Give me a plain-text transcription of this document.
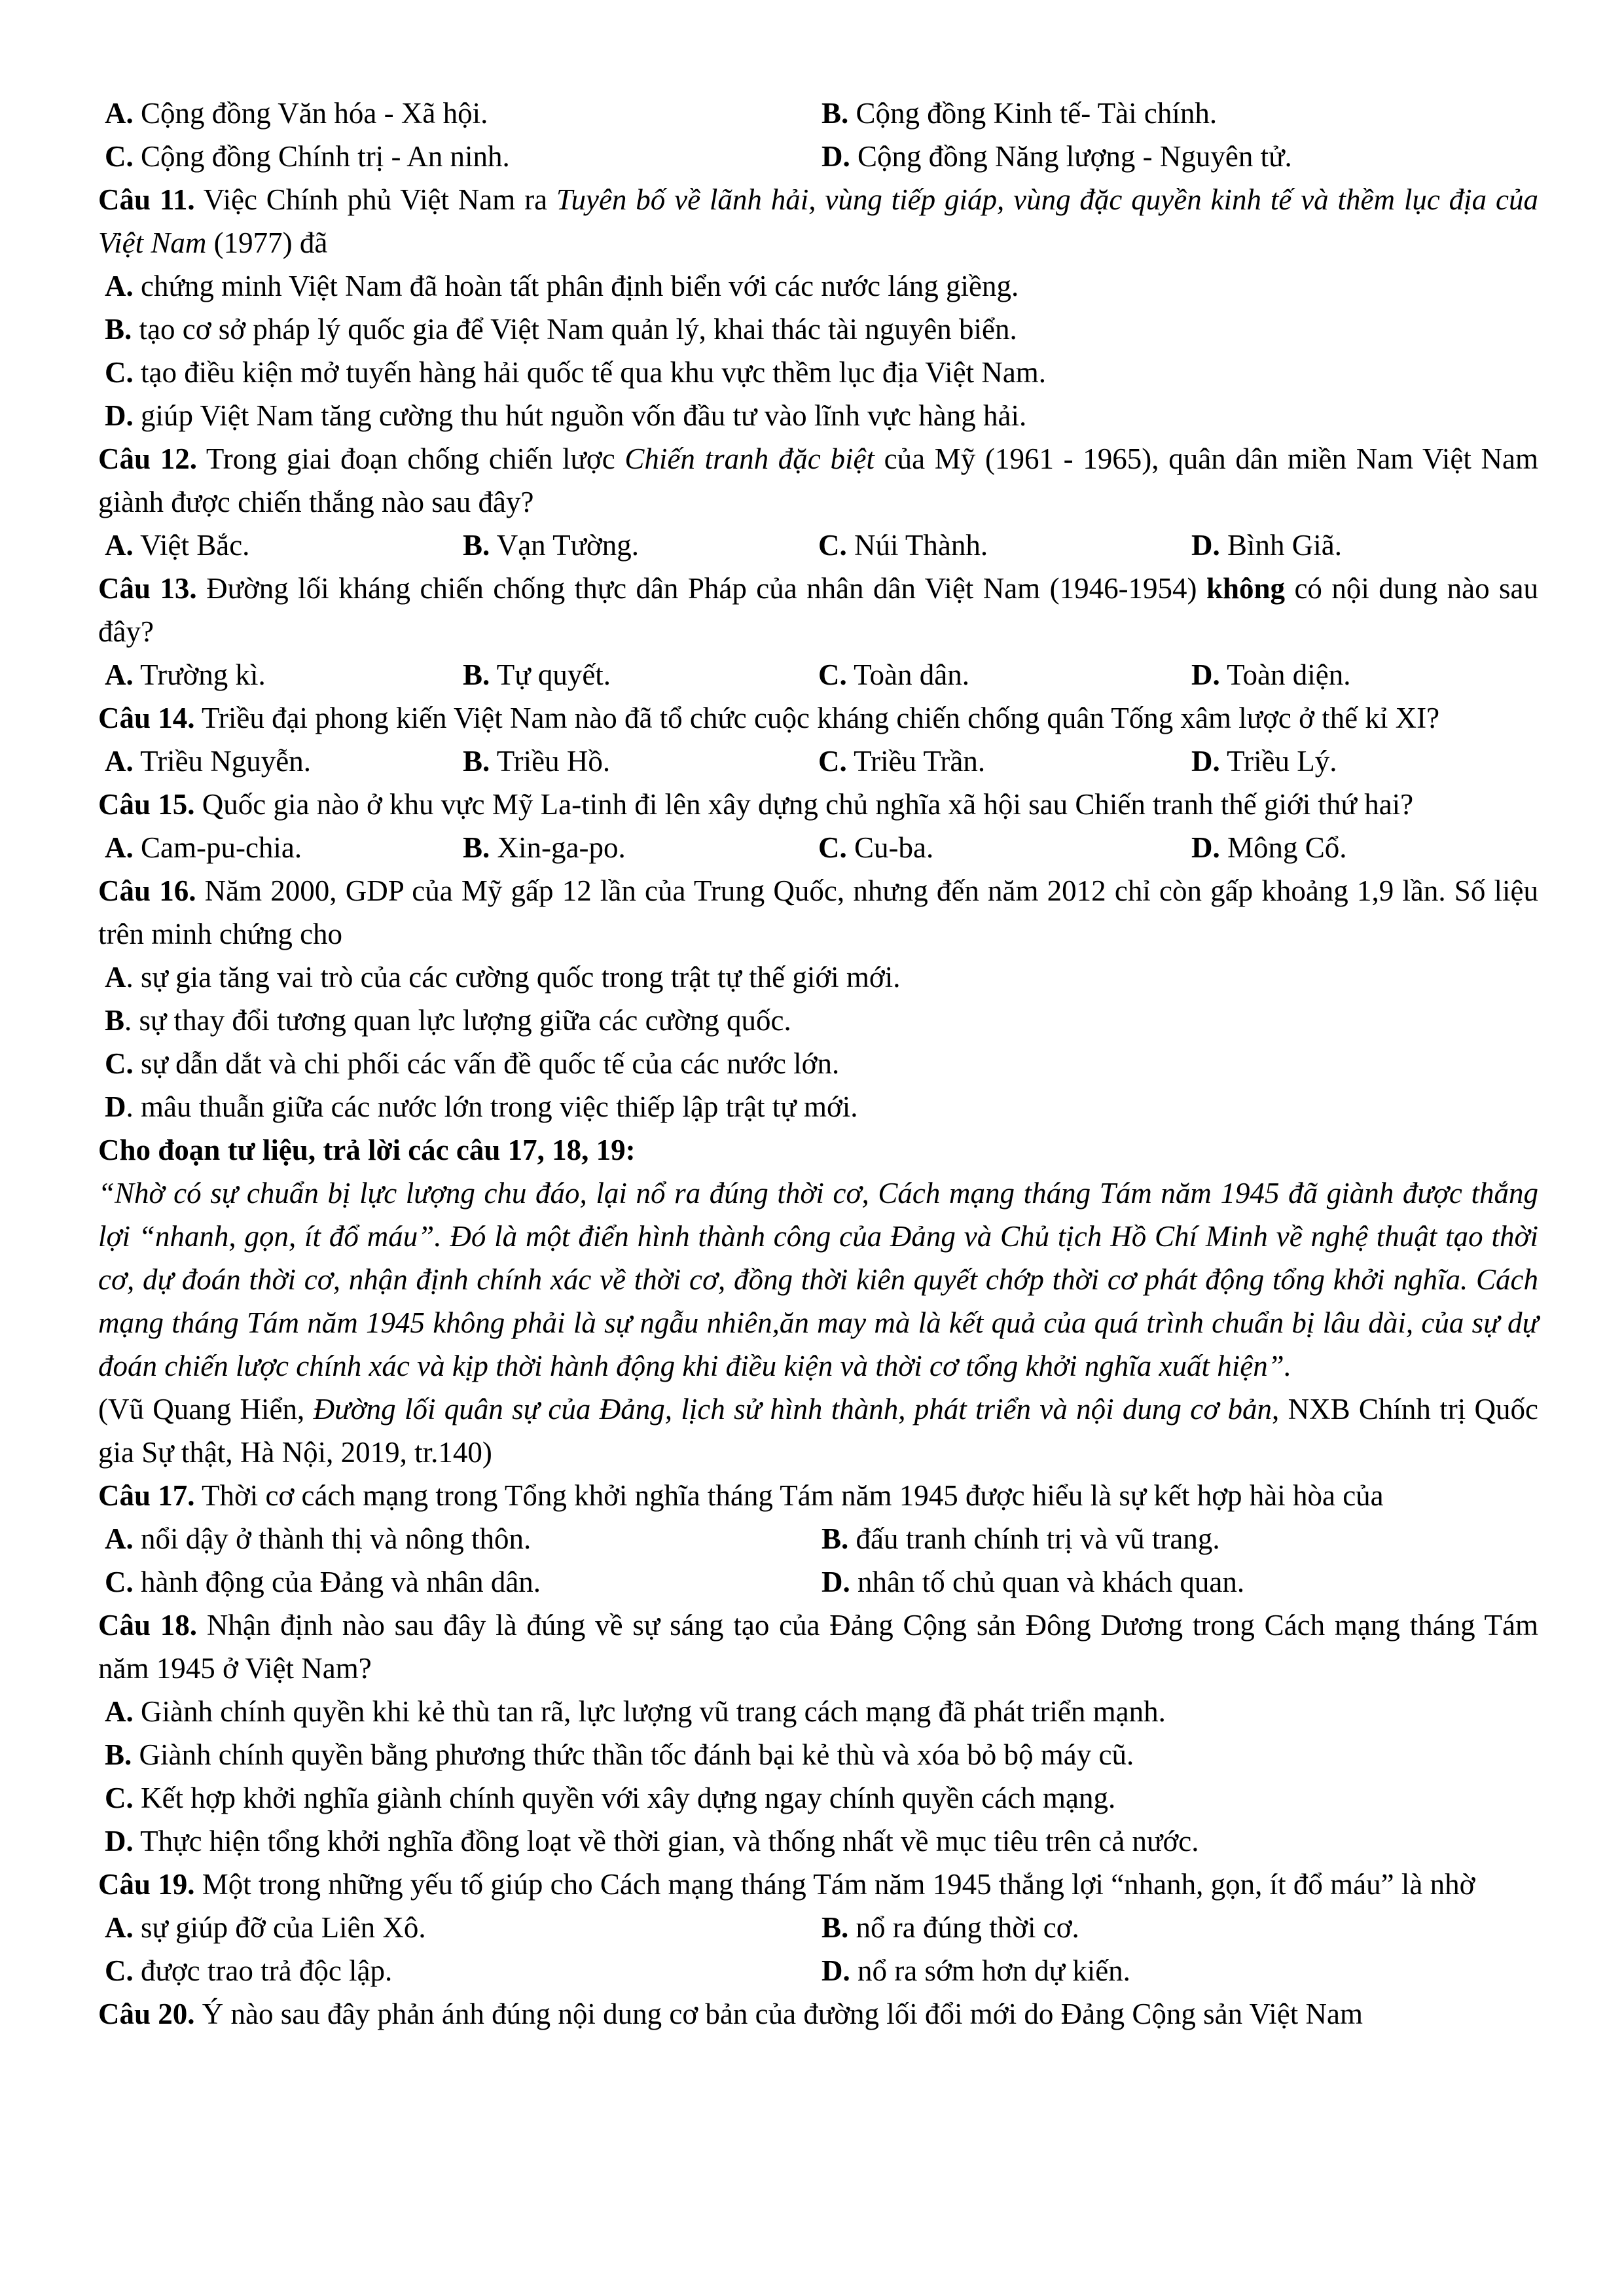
A. Cộng đồng Văn hóa - Xã hội.	B. Cộng đồng Kinh tế- Tài chính.
C. Cộng đồng Chính trị - An ninh.	D. Cộng đồng Năng lượng - Nguyên tử.

Câu 11. Việc Chính phủ Việt Nam ra Tuyên bố về lãnh hải, vùng tiếp giáp, vùng đặc quyền kinh tế và thềm lục địa của Việt Nam (1977) đã

A. chứng minh Việt Nam đã hoàn tất phân định biển với các nước láng giềng.
B. tạo cơ sở pháp lý quốc gia để Việt Nam quản lý, khai thác tài nguyên biển.
C. tạo điều kiện mở tuyến hàng hải quốc tế qua khu vực thềm lục địa Việt Nam.
D. giúp Việt Nam tăng cường thu hút nguồn vốn đầu tư vào lĩnh vực hàng hải.

Câu 12. Trong giai đoạn chống chiến lược Chiến tranh đặc biệt của Mỹ (1961 - 1965), quân dân miền Nam Việt Nam giành được chiến thắng nào sau đây?

A. Việt Bắc.	B. Vạn Tường.	C. Núi Thành.	D. Bình Giã.

Câu 13. Đường lối kháng chiến chống thực dân Pháp của nhân dân Việt Nam (1946-1954) không có nội dung nào sau đây?

A. Trường kì.	B. Tự quyết.	C. Toàn dân.	D. Toàn diện.

Câu 14. Triều đại phong kiến Việt Nam nào đã tổ chức cuộc kháng chiến chống quân Tống xâm lược ở thế kỉ XI?

A. Triều Nguyễn.	B. Triều Hồ.	C. Triều Trần.	D. Triều Lý.

Câu 15. Quốc gia nào ở khu vực Mỹ La-tinh đi lên xây dựng chủ nghĩa xã hội sau Chiến tranh thế giới thứ hai?

A. Cam-pu-chia.	B. Xin-ga-po.	C. Cu-ba.	D. Mông Cổ.

Câu 16. Năm 2000, GDP của Mỹ gấp 12 lần của Trung Quốc, nhưng đến năm 2012 chỉ còn gấp khoảng 1,9 lần. Số liệu trên minh chứng cho

A. sự gia tăng vai trò của các cường quốc trong trật tự thế giới mới.
B. sự thay đổi tương quan lực lượng giữa các cường quốc.
C. sự dẫn dắt và chi phối các vấn đề quốc tế của các nước lớn.
D. mâu thuẫn giữa các nước lớn trong việc thiếp lập trật tự mới.

Cho đoạn tư liệu, trả lời các câu 17, 18, 19:

“Nhờ có sự chuẩn bị lực lượng chu đáo, lại nổ ra đúng thời cơ, Cách mạng tháng Tám năm 1945 đã giành được thắng lợi “nhanh, gọn, ít đổ máu”. Đó là một điển hình thành công của Đảng và Chủ tịch Hồ Chí Minh về nghệ thuật tạo thời cơ, dự đoán thời cơ, nhận định chính xác về thời cơ, đồng thời kiên quyết chớp thời cơ phát động tổng khởi nghĩa. Cách mạng tháng Tám năm 1945 không phải là sự ngẫu nhiên,ăn may mà là kết quả của quá trình chuẩn bị lâu dài, của sự dự đoán chiến lược chính xác và kịp thời hành động khi điều kiện và thời cơ tổng khởi nghĩa xuất hiện”.

(Vũ Quang Hiển, Đường lối quân sự của Đảng, lịch sử hình thành, phát triển và nội dung cơ bản, NXB Chính trị Quốc gia Sự thật, Hà Nội, 2019, tr.140)

Câu 17. Thời cơ cách mạng trong Tổng khởi nghĩa tháng Tám năm 1945 được hiểu là sự kết hợp hài hòa của

A. nổi dậy ở thành thị và nông thôn.	B. đấu tranh chính trị và vũ trang.
C. hành động của Đảng và nhân dân.	D. nhân tố chủ quan và khách quan.

Câu 18. Nhận định nào sau đây là đúng về sự sáng tạo của Đảng Cộng sản Đông Dương trong Cách mạng tháng Tám năm 1945 ở Việt Nam?

A. Giành chính quyền khi kẻ thù tan rã, lực lượng vũ trang cách mạng đã phát triển mạnh.
B. Giành chính quyền bằng phương thức thần tốc đánh bại kẻ thù và xóa bỏ bộ máy cũ.
C. Kết hợp khởi nghĩa giành chính quyền với xây dựng ngay chính quyền cách mạng.
D. Thực hiện tổng khởi nghĩa đồng loạt về thời gian, và thống nhất về mục tiêu trên cả nước.

Câu 19. Một trong những yếu tố giúp cho Cách mạng tháng Tám năm 1945 thắng lợi “nhanh, gọn, ít đổ máu” là nhờ

A. sự giúp đỡ của Liên Xô.	B. nổ ra đúng thời cơ.
C. được trao trả độc lập.	D. nổ ra sớm hơn dự kiến.

Câu 20. Ý nào sau đây phản ánh đúng nội dung cơ bản của đường lối đổi mới do Đảng Cộng sản Việt Nam
